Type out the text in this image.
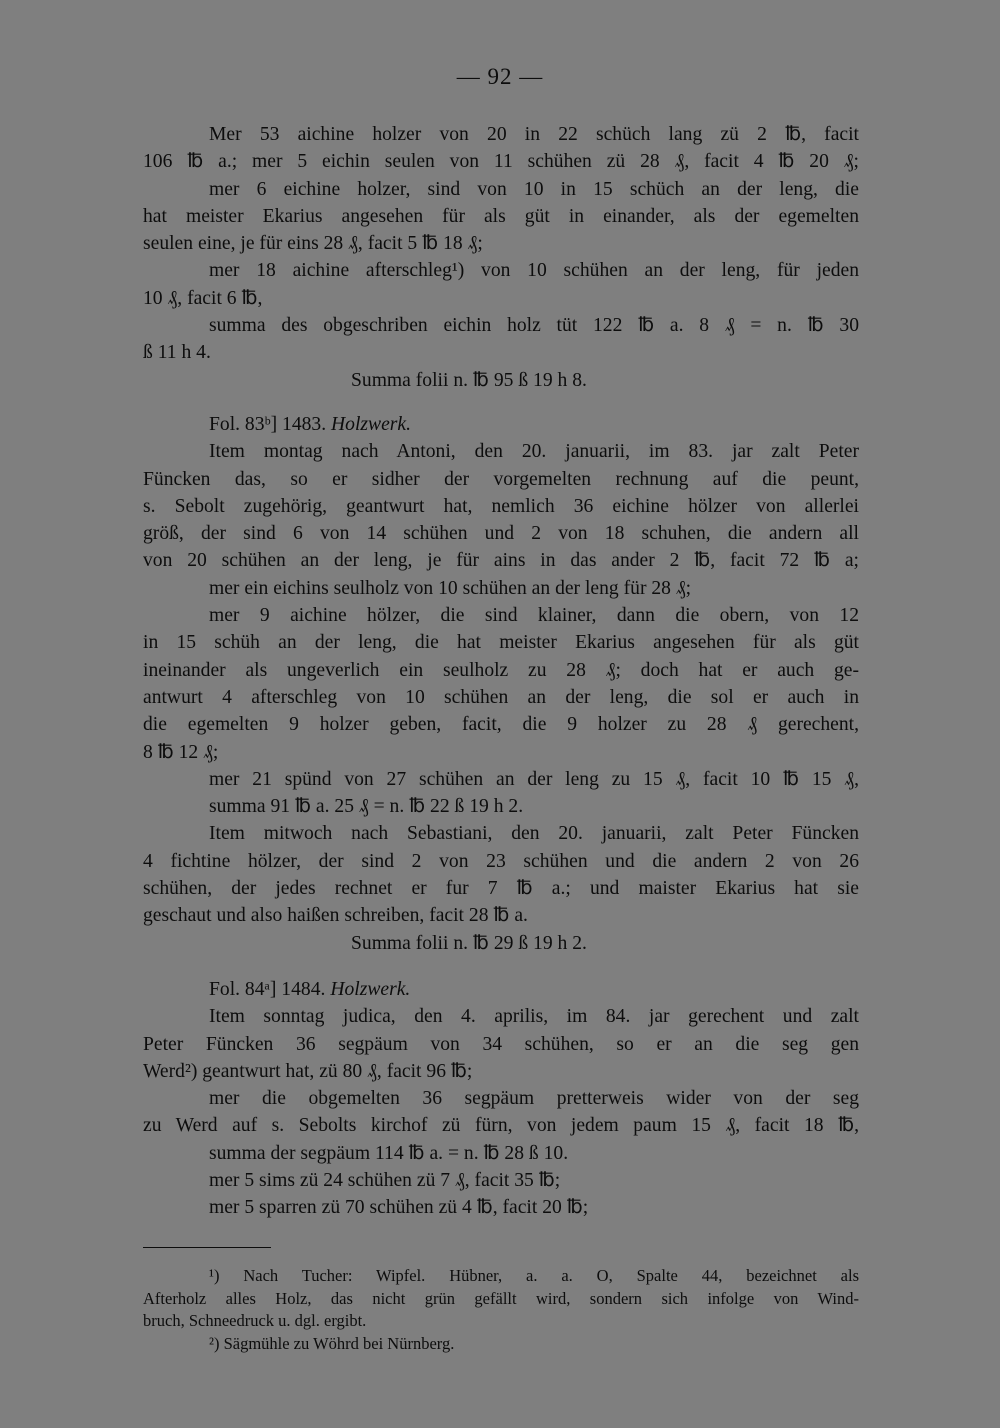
— 92 —

Mer 53 aichine holzer von 20 in 22 schüch lang zü 2 ℔, facit
106 ℔ a.; mer 5 eichin seulen von 11 schühen zü 28 ₰, facit 4 ℔ 20 ₰;
mer 6 eichine holzer, sind von 10 in 15 schüch an der leng, die
hat meister Ekarius angesehen für als güt in einander, als der egemelten
seulen eine, je für eins 28 ₰, facit 5 ℔ 18 ₰;
mer 18 aichine afterschleg¹) von 10 schühen an der leng, für jeden
10 ₰, facit 6 ℔,
summa des obgeschriben eichin holz tüt 122 ℔ a. 8 ₰ = n. ℔ 30
ß 11 h 4.

Summa folii n. ℔ 95 ß 19 h 8.

Fol. 83ᵇ] 1483. Holzwerk.

Item montag nach Antoni, den 20. januarii, im 83. jar zalt Peter
Füncken das, so er sidher der vorgemelten rechnung auf die peunt,
s. Sebolt zugehörig, geantwurt hat, nemlich 36 eichine hölzer von allerlei
größ, der sind 6 von 14 schühen und 2 von 18 schuhen, die andern all
von 20 schühen an der leng, je für ains in das ander 2 ℔, facit 72 ℔ a;
mer ein eichins seulholz von 10 schühen an der leng für 28 ₰;
mer 9 aichine hölzer, die sind klainer, dann die obern, von 12
in 15 schüh an der leng, die hat meister Ekarius angesehen für als güt
ineinander als ungeverlich ein seulholz zu 28 ₰; doch hat er auch ge-
antwurt 4 afterschleg von 10 schühen an der leng, die sol er auch in
die egemelten 9 holzer geben, facit, die 9 holzer zu 28 ₰ gerechent,
8 ℔ 12 ₰;
mer 21 spünd von 27 schühen an der leng zu 15 ₰, facit 10 ℔ 15 ₰,
summa 91 ℔ a. 25 ₰ = n. ℔ 22 ß 19 h 2.
Item mitwoch nach Sebastiani, den 20. januarii, zalt Peter Füncken
4 fichtine hölzer, der sind 2 von 23 schühen und die andern 2 von 26
schühen, der jedes rechnet er fur 7 ℔ a.; und maister Ekarius hat sie
geschaut und also haißen schreiben, facit 28 ℔ a.

Summa folii n. ℔ 29 ß 19 h 2.

Fol. 84ᵃ] 1484. Holzwerk.

Item sonntag judica, den 4. aprilis, im 84. jar gerechent und zalt
Peter Füncken 36 segpäum von 34 schühen, so er an die seg gen
Werd²) geantwurt hat, zü 80 ₰, facit 96 ℔;
mer die obgemelten 36 segpäum pretterweis wider von der seg
zu Werd auf s. Sebolts kirchof zü fürn, von jedem paum 15 ₰, facit 18 ℔,
summa der segpäum 114 ℔ a. = n. ℔ 28 ß 10.
mer 5 sims zü 24 schühen zü 7 ₰, facit 35 ℔;
mer 5 sparren zü 70 schühen zü 4 ℔, facit 20 ℔;

¹) Nach Tucher: Wipfel. Hübner, a. a. O, Spalte 44, bezeichnet als
Afterholz alles Holz, das nicht grün gefällt wird, sondern sich infolge von Wind-
bruch, Schneedruck u. dgl. ergibt.

²) Sägmühle zu Wöhrd bei Nürnberg.
